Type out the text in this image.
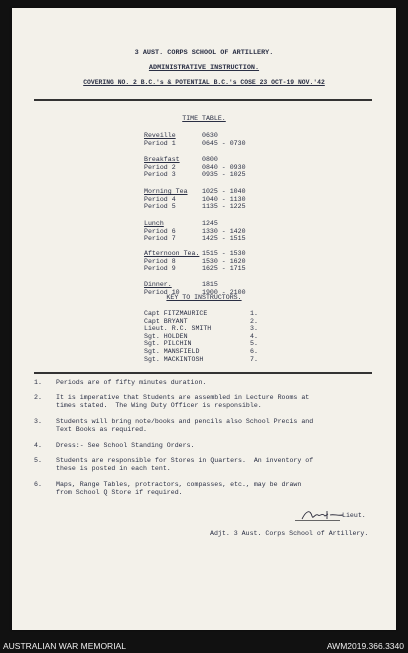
3 AUST. CORPS SCHOOL OF ARTILLERY.
ADMINISTRATIVE INSTRUCTION.
COVERING NO. 2 B.C.'s & POTENTIAL B.C.'s COSE 23 OCT-19 NOV.'42
TIME TABLE.
Reveille	0630
Period 1	0645 - 0730
Breakfast	0800
Period 2	0840 - 0930
Period 3	0935 - 1025
Morning Tea 1025 - 1040
Period 4	1040 - 1130
Period 5	1135 - 1225
Lunch	1245
Period 6	1330 - 1420
Period 7	1425 - 1515
Afternoon Tea. 1515 - 1530
Period 8	1530 - 1620
Period 9	1625 - 1715
Dinner.	1815
Period 10	1900 - 2100
KEY TO INSTRUCTORS.
Capt FITZMAURICE	1.
Capt BRYANT	2.
Lieut. R.C. SMITH	3.
Sgt. HOLDEN	4.
Sgt. PILCHIN	5.
Sgt. MANSFIELD	6.
Sgt. MACKINTOSH	7.
1. Periods are of fifty minutes duration.
2. It is imperative that Students are assembled in Lecture Rooms at
times stated.  The Wing Duty Officer is responsible.
3. Students will bring note/books and pencils also School Precis and
Text Books as required.
4. Dress:- See School Standing Orders.
5. Students are responsible for Stores in Quarters.  An inventory of
these is posted in each tent.
6. Maps, Range Tables, protractors, compasses, etc., may be drawn
from School Q Store if required.
Lieut.
Adjt. 3 Aust. Corps School of Artillery.
AUSTRALIAN WAR MEMORIAL	AWM2019.366.3340
